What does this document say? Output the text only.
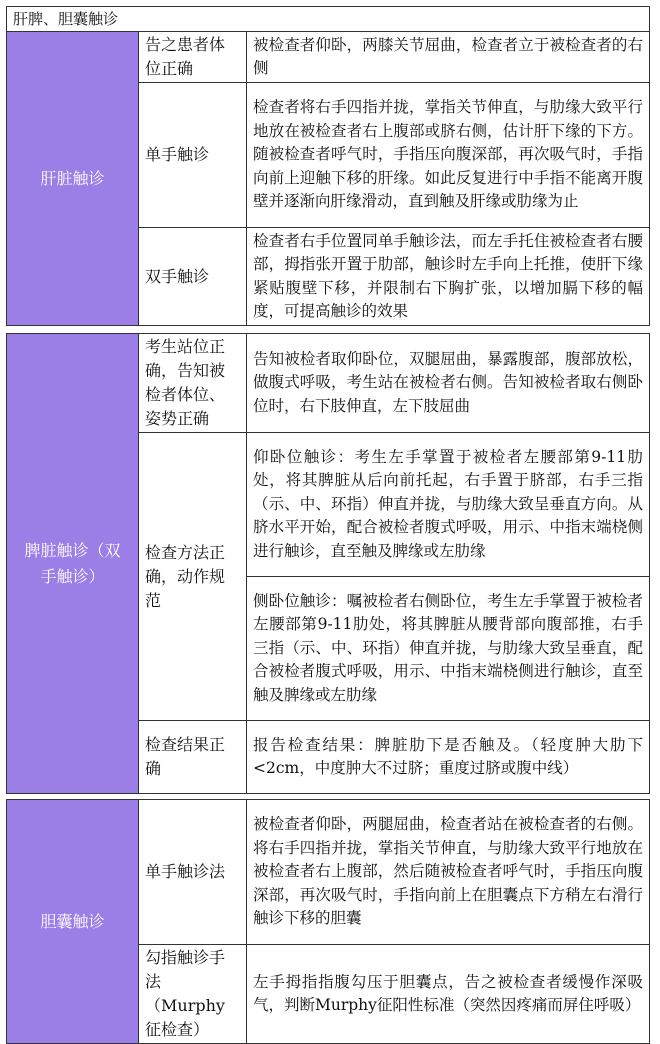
肝脾、胆囊触诊
肝脏触诊	告之患者体位正确	被检查者仰卧，两膝关节屈曲，检查者立于被检查者的右侧
	单手触诊	检查者将右手四指并拢，掌指关节伸直，与肋缘大致平行地放在被检查者右上腹部或脐右侧，估计肝下缘的下方。随被检查者呼气时，手指压向腹深部，再次吸气时，手指向前上迎触下移的肝缘。如此反复进行中手指不能离开腹壁并逐渐向肝缘滑动，直到触及肝缘或肋缘为止
	双手触诊	检查者右手位置同单手触诊法，而左手托住被检查者右腰部，拇指张开置于肋部，触诊时左手向上托推，使肝下缘紧贴腹壁下移，并限制右下胸扩张，以增加膈下移的幅度，可提高触诊的效果
脾脏触诊（双手触诊）	考生站位正确，告知被检者体位、姿势正确	告知被检者取仰卧位，双腿屈曲，暴露腹部，腹部放松，做腹式呼吸，考生站在被检者右侧。告知被检者取右侧卧位时，右下肢伸直，左下肢屈曲
	检查方法正确，动作规范	仰卧位触诊：考生左手掌置于被检者左腰部第9-11肋处，将其脾脏从后向前托起，右手置于脐部，右手三指（示、中、环指）伸直并拢，与肋缘大致呈垂直方向。从脐水平开始，配合被检者腹式呼吸，用示、中指末端桡侧进行触诊，直至触及脾缘或左肋缘
		侧卧位触诊：嘱被检者右侧卧位，考生左手掌置于被检者左腰部第9-11肋处，将其脾脏从腰背部向腹部推，右手三指（示、中、环指）伸直并拢，与肋缘大致呈垂直，配合被检者腹式呼吸，用示、中指末端桡侧进行触诊，直至触及脾缘或左肋缘
	检查结果正确	报告检查结果：脾脏肋下是否触及。（轻度肿大肋下<2cm，中度肿大不过脐；重度过脐或腹中线）
胆囊触诊	单手触诊法	被检查者仰卧，两腿屈曲，检查者站在被检查者的右侧。将右手四指并拢，掌指关节伸直，与肋缘大致平行地放在被检查者右上腹部，然后随被检查者呼气时，手指压向腹深部，再次吸气时，手指向前上在胆囊点下方稍左右滑行触诊下移的胆囊
	勾指触诊手法（Murphy征检查）	左手拇指指腹勾压于胆囊点，告之被检查者缓慢作深吸气，判断Murphy征阳性标准（突然因疼痛而屏住呼吸）
